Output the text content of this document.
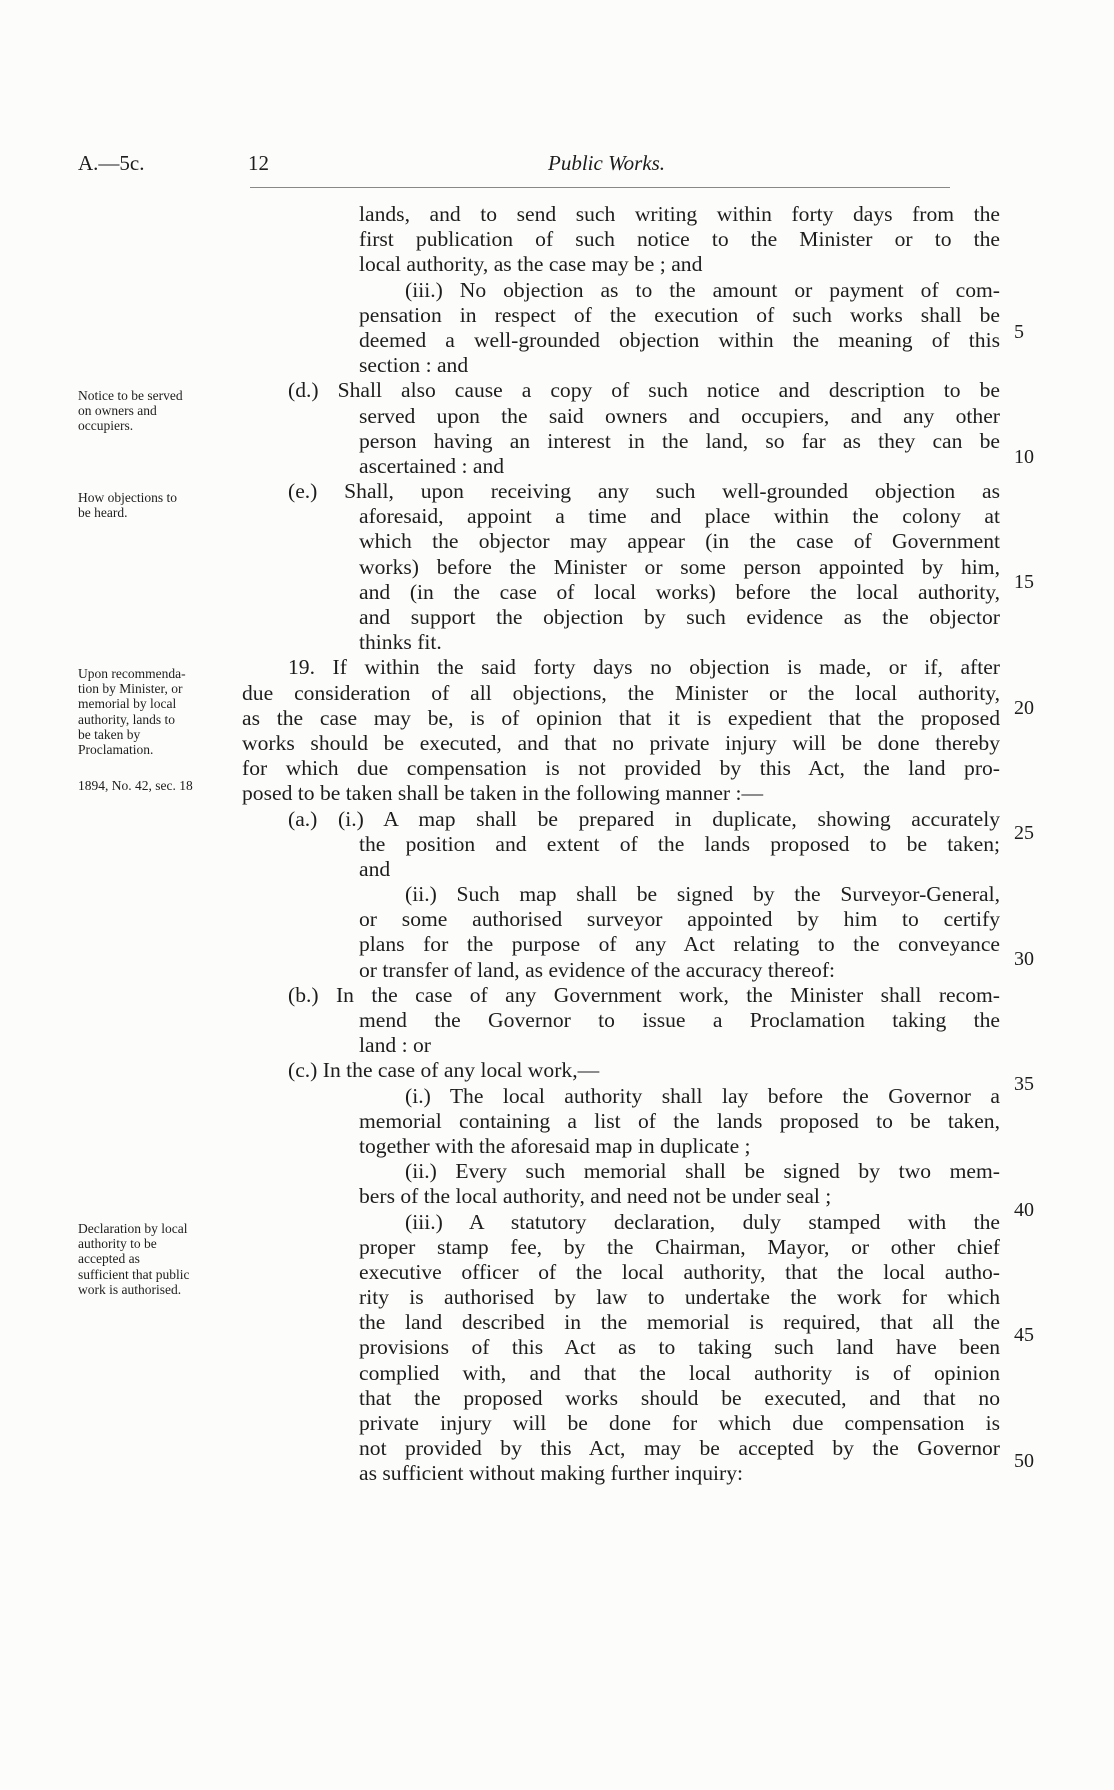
A.—5c.	12	Public Works.
lands, and to send such writing within forty days from the
first publication of such notice to the Minister or to the
local authority, as the case may be ; and
(iii.) No objection as to the amount or payment of com-
pensation in respect of the execution of such works shall be
deemed a well-grounded objection within the meaning of this
section : and
(d.) Shall also cause a copy of such notice and description to be
served upon the said owners and occupiers, and any other
person having an interest in the land, so far as they can be
ascertained : and
(e.) Shall, upon receiving any such well-grounded objection as
aforesaid, appoint a time and place within the colony at
which the objector may appear (in the case of Government
works) before the Minister or some person appointed by him,
and (in the case of local works) before the local authority,
and support the objection by such evidence as the objector
thinks fit.
19. If within the said forty days no objection is made, or if, after
due consideration of all objections, the Minister or the local authority,
as the case may be, is of opinion that it is expedient that the proposed
works should be executed, and that no private injury will be done thereby
for which due compensation is not provided by this Act, the land pro-
posed to be taken shall be taken in the following manner :—
(a.) (i.) A map shall be prepared in duplicate, showing accurately
the position and extent of the lands proposed to be taken;
and
(ii.) Such map shall be signed by the Surveyor-General,
or some authorised surveyor appointed by him to certify
plans for the purpose of any Act relating to the conveyance
or transfer of land, as evidence of the accuracy thereof:
(b.) In the case of any Government work, the Minister shall recom-
mend the Governor to issue a Proclamation taking the
land : or
(c.) In the case of any local work,—
(i.) The local authority shall lay before the Governor a
memorial containing a list of the lands proposed to be taken,
together with the aforesaid map in duplicate ;
(ii.) Every such memorial shall be signed by two mem-
bers of the local authority, and need not be under seal ;
(iii.) A statutory declaration, duly stamped with the
proper stamp fee, by the Chairman, Mayor, or other chief
executive officer of the local authority, that the local autho-
rity is authorised by law to undertake the work for which
the land described in the memorial is required, that all the
provisions of this Act as to taking such land have been
complied with, and that the local authority is of opinion
that the proposed works should be executed, and that no
private injury will be done for which due compensation is
not provided by this Act, may be accepted by the Governor
as sufficient without making further inquiry:
Notice to be served
on owners and
occupiers.
How objections to
be heard.
Upon recommenda-
tion by Minister, or
memorial by local
authority, lands to
be taken by
Proclamation.
1894, No. 42, sec. 18
Declaration by local
authority to be
accepted as
sufficient that public
work is authorised.
5
10
15
20
25
30
35
40
45
50
